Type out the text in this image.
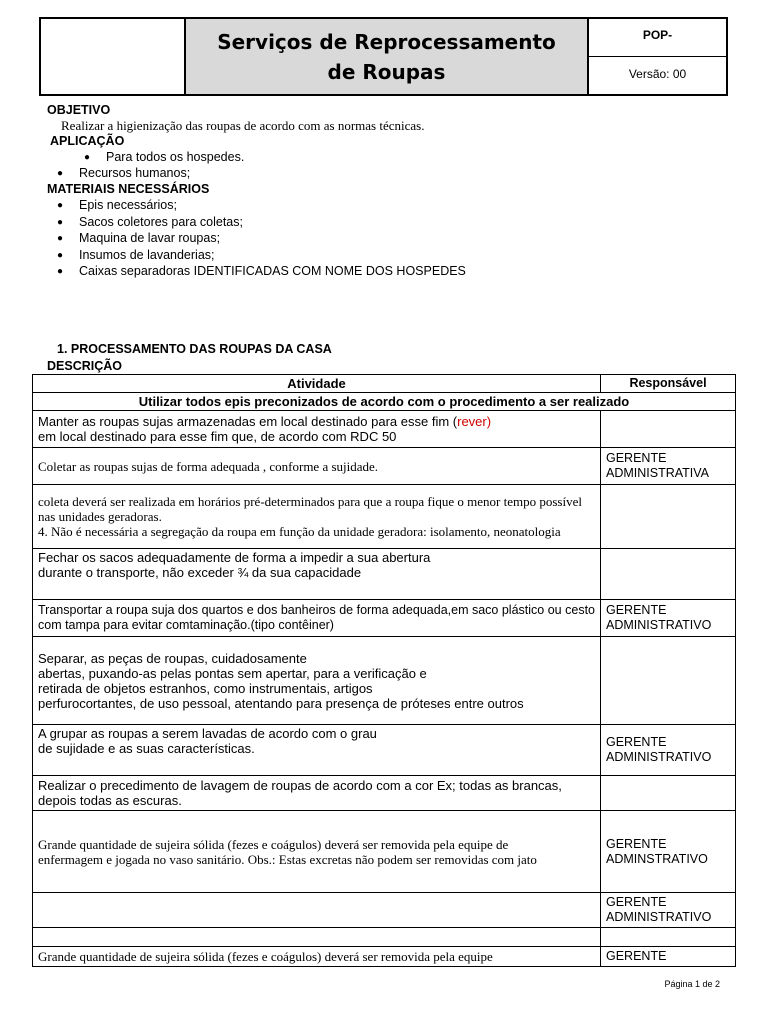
Serviços de Reprocessamento de Roupas
POP-
Versão: 00
OBJETIVO
Realizar a higienização das roupas de acordo com as normas técnicas.
APLICAÇÃO
● Para todos os hospedes.
● Recursos humanos;
MATERIAIS NECESSÁRIOS
● Epis necessários;
● Sacos coletores para coletas;
● Maquina de lavar roupas;
● Insumos de lavanderias;
● Caixas separadoras IDENTIFICADAS COM NOME DOS HOSPEDES
1. PROCESSAMENTO DAS ROUPAS DA CASA
DESCRIÇÃO
Atividade	Responsável
Utilizar todos epis preconizados de acordo com o procedimento a ser realizado	
Manter as roupas sujas armazenadas em local destinado para esse fim (rever)
em local destinado para esse fim que, de acordo com RDC 50	
Coletar as roupas sujas de forma adequada , conforme a sujidade.	GERENTE ADMINISTRATIVA
coleta deverá ser realizada em horários pré-determinados para que a roupa fique o menor tempo possível nas unidades geradoras.
4. Não é necessária a segregação da roupa em função da unidade geradora: isolamento, neonatologia	
Fechar os sacos adequadamente de forma a impedir a sua abertura
durante o transporte, não exceder ¾ da sua capacidade	
Transportar a roupa suja dos quartos e dos banheiros de forma adequada,em saco plástico ou cesto com tampa para evitar comtaminação.(tipo contêiner)	GERENTE ADMINISTRATIVO
Separar, as peças de roupas, cuidadosamente
abertas, puxando-as pelas pontas sem apertar, para a verificação e
retirada de objetos estranhos, como instrumentais, artigos
perfurocortantes, de uso pessoal, atentando para presença de próteses entre outros	
A grupar as roupas a serem lavadas de acordo com o grau
de sujidade e as suas características.	GERENTE ADMINISTRATIVO
Realizar o precedimento de lavagem de roupas de acordo com a cor Ex; todas as brancas, depois todas as escuras.	
Grande quantidade de sujeira sólida (fezes e coágulos) deverá ser removida pela equipe de
enfermagem e jogada no vaso sanitário. Obs.: Estas excretas não podem ser removidas com jato	GERENTE ADMINSTRATIVO
	GERENTE ADMINISTRATIVO

Grande quantidade de sujeira sólida (fezes e coágulos) deverá ser removida pela equipe	GERENTE
Página 1 de 2
